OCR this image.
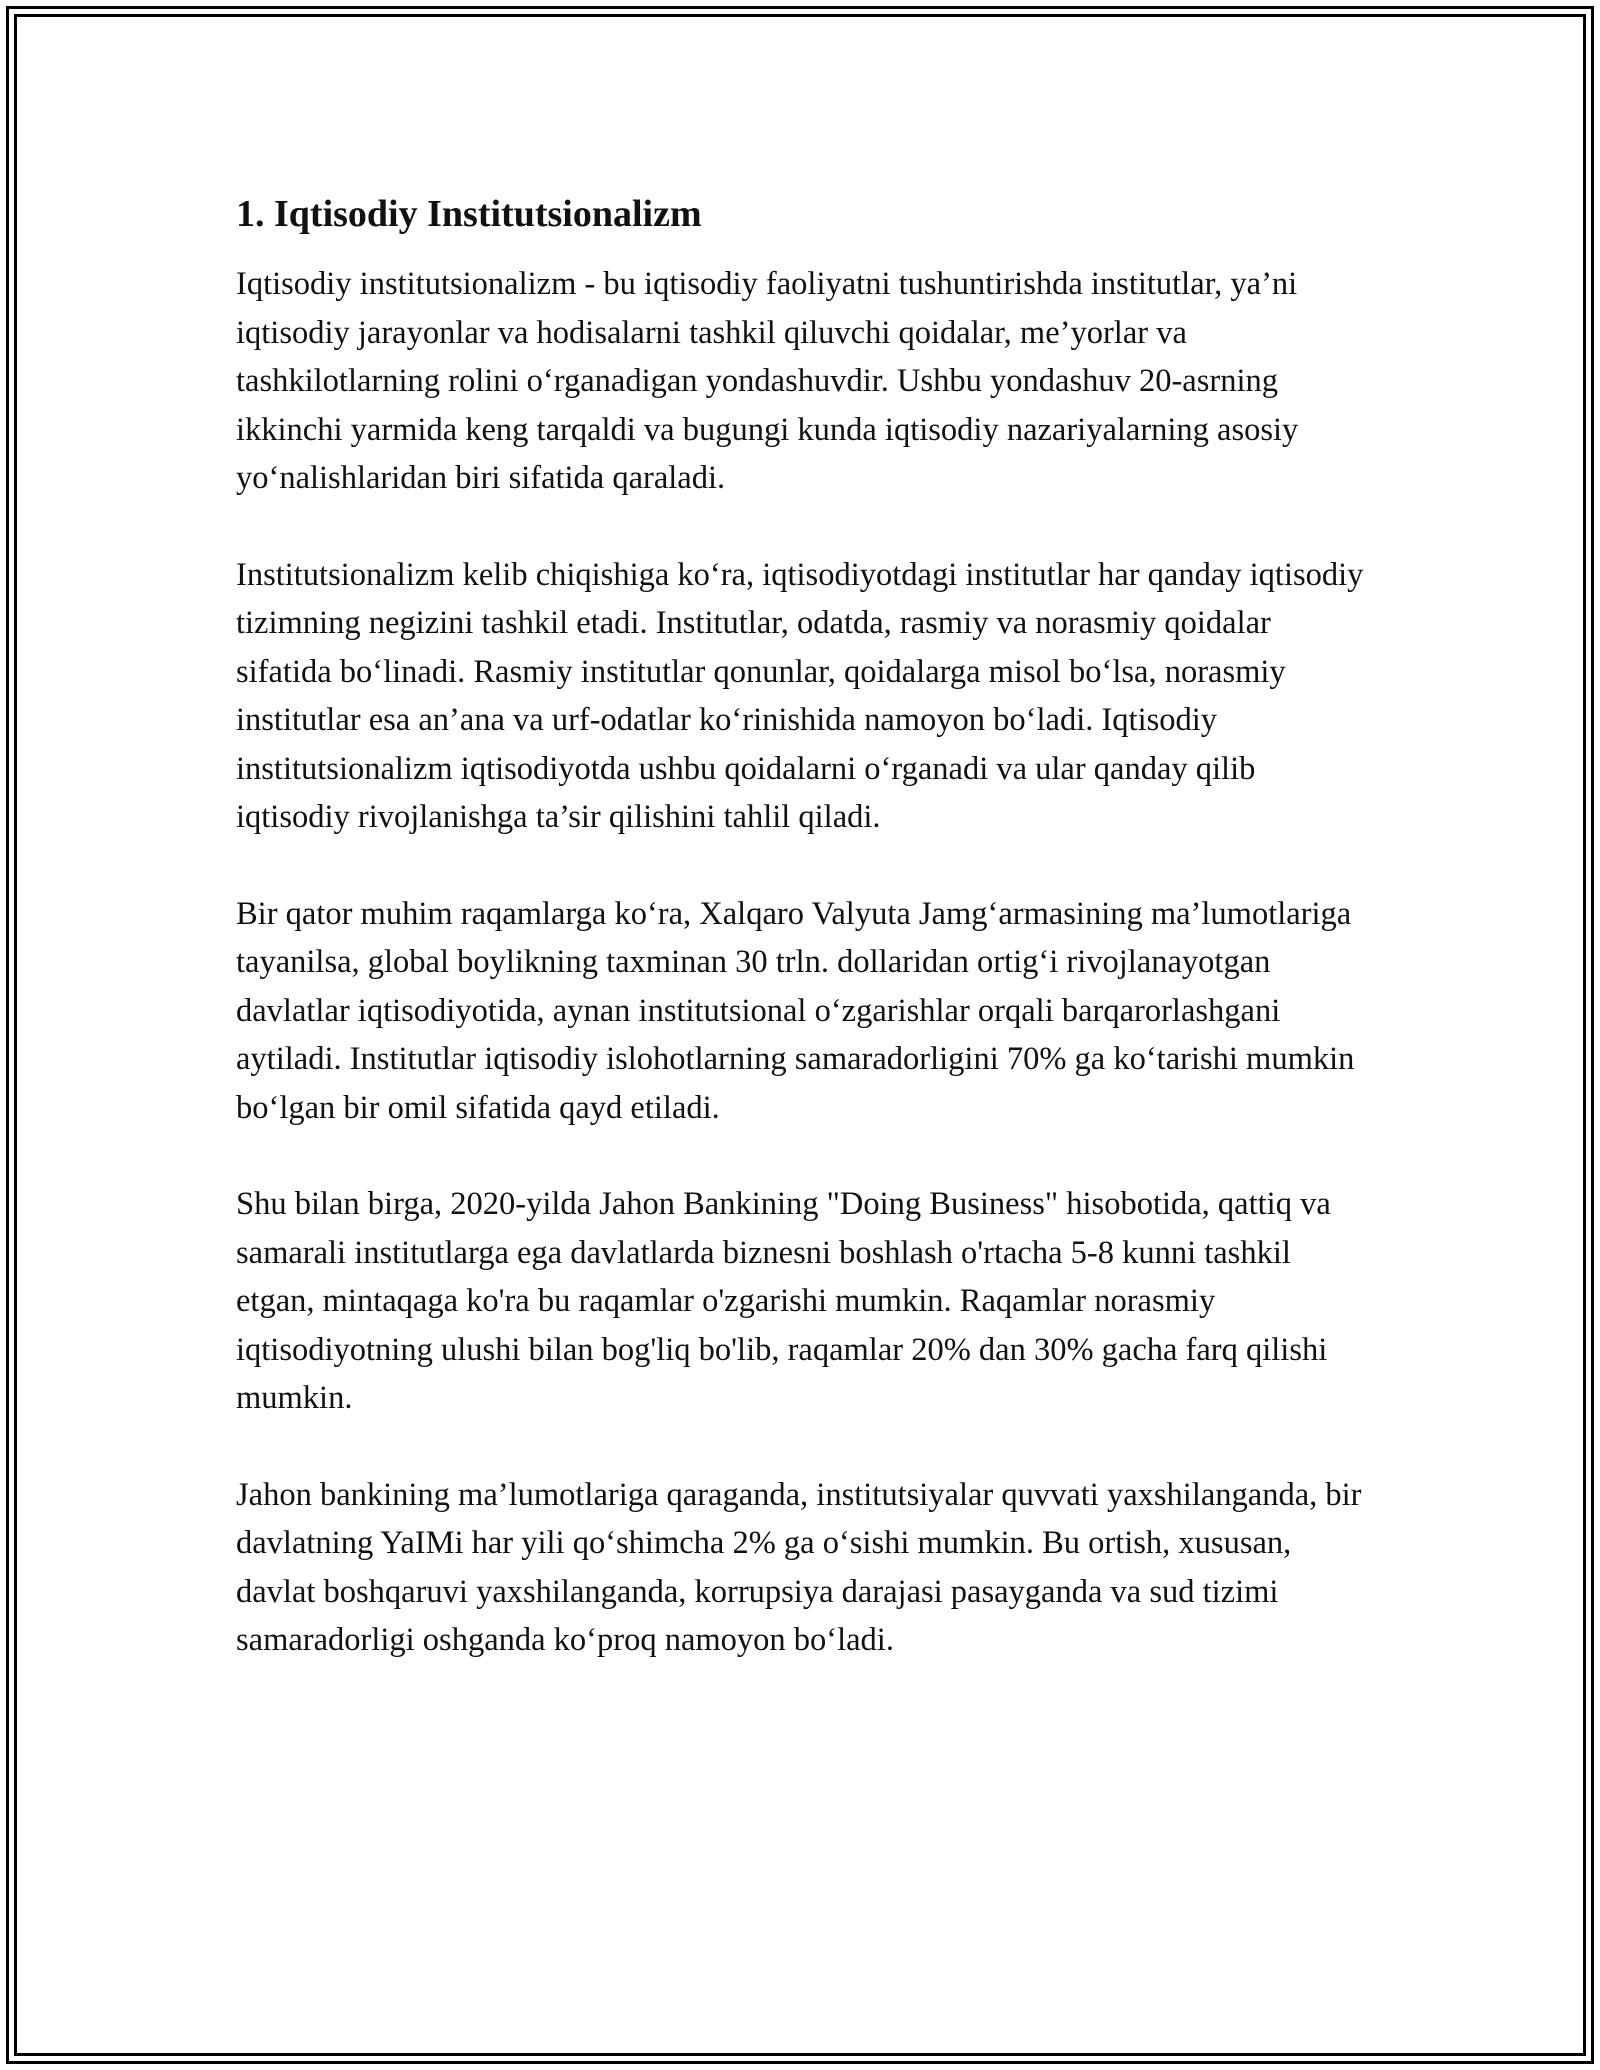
1. Iqtisodiy Institutsionalizm

Iqtisodiy institutsionalizm - bu iqtisodiy faoliyatni tushuntirishda institutlar, ya’ni iqtisodiy jarayonlar va hodisalarni tashkil qiluvchi qoidalar, me’yorlar va tashkilotlarning rolini o‘rganadigan yondashuvdir. Ushbu yondashuv 20-asrning ikkinchi yarmida keng tarqaldi va bugungi kunda iqtisodiy nazariyalarning asosiy yo‘nalishlaridan biri sifatida qaraladi.

Institutsionalizm kelib chiqishiga ko‘ra, iqtisodiyotdagi institutlar har qanday iqtisodiy tizimning negizini tashkil etadi. Institutlar, odatda, rasmiy va norasmiy qoidalar sifatida bo‘linadi. Rasmiy institutlar qonunlar, qoidalarga misol bo‘lsa, norasmiy institutlar esa an’ana va urf-odatlar ko‘rinishida namoyon bo‘ladi. Iqtisodiy institutsionalizm iqtisodiyotda ushbu qoidalarni o‘rganadi va ular qanday qilib iqtisodiy rivojlanishga ta’sir qilishini tahlil qiladi.

Bir qator muhim raqamlarga ko‘ra, Xalqaro Valyuta Jamg‘armasining ma’lumotlariga tayanilsa, global boylikning taxminan 30 trln. dollaridan ortig‘i rivojlanayotgan davlatlar iqtisodiyotida, aynan institutsional o‘zgarishlar orqali barqarorlashgani aytiladi. Institutlar iqtisodiy islohotlarning samaradorligini 70% ga ko‘tarishi mumkin bo‘lgan bir omil sifatida qayd etiladi.

Shu bilan birga, 2020-yilda Jahon Bankining "Doing Business" hisobotida, qattiq va samarali institutlarga ega davlatlarda biznesni boshlash o'rtacha 5-8 kunni tashkil etgan, mintaqaga ko'ra bu raqamlar o'zgarishi mumkin. Raqamlar norasmiy iqtisodiyotning ulushi bilan bog'liq bo'lib, raqamlar 20% dan 30% gacha farq qilishi mumkin.

Jahon bankining ma’lumotlariga qaraganda, institutsiyalar quvvati yaxshilanganda, bir davlatning YaIMi har yili qo‘shimcha 2% ga o‘sishi mumkin. Bu ortish, xususan, davlat boshqaruvi yaxshilanganda, korrupsiya darajasi pasayganda va sud tizimi samaradorligi oshganda ko‘proq namoyon bo‘ladi.
